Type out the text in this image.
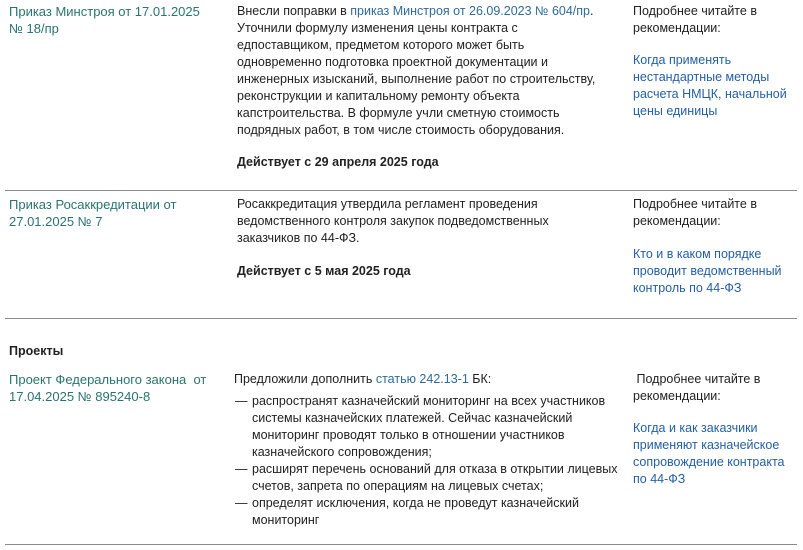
Приказ Минстроя от 17.01.2025 № 18/пр
Внесли поправки в приказ Минстроя от 26.09.2023 № 604/пр. Уточнили формулу изменения цены контракта с едпоставщиком, предметом которого может быть одновременно подготовка проектной документации и инженерных изысканий, выполнение работ по строительству, реконструкции и капитальному ремонту объекта капстроительства. В формуле учли сметную стоимость подрядных работ, в том числе стоимость оборудования.
Действует с 29 апреля 2025 года
Подробнее читайте в рекомендации:
Когда применять нестандартные методы расчета НМЦК, начальной цены единицы
Приказ Росаккредитации от 27.01.2025 № 7
Росаккредитация утвердила регламент проведения ведомственного контроля закупок подведомственных заказчиков по 44-ФЗ.
Действует с 5 мая 2025 года
Подробнее читайте в рекомендации:
Кто и в каком порядке проводит ведомственный контроль по 44-ФЗ
Проекты
Проект Федерального закона  от 17.04.2025 № 895240-8
Предложили дополнить статью 242.13-1 БК:
— распространят казначейский мониторинг на всех участников системы казначейских платежей. Сейчас казначейский мониторинг проводят только в отношении участников казначейского сопровождения;
— расширят перечень оснований для отказа в открытии лицевых счетов, запрета по операциям на лицевых счетах;
— определят исключения, когда не проведут казначейский мониторинг
Подробнее читайте в рекомендации:
Когда и как заказчики применяют казначейское сопровождение контракта по 44-ФЗ
